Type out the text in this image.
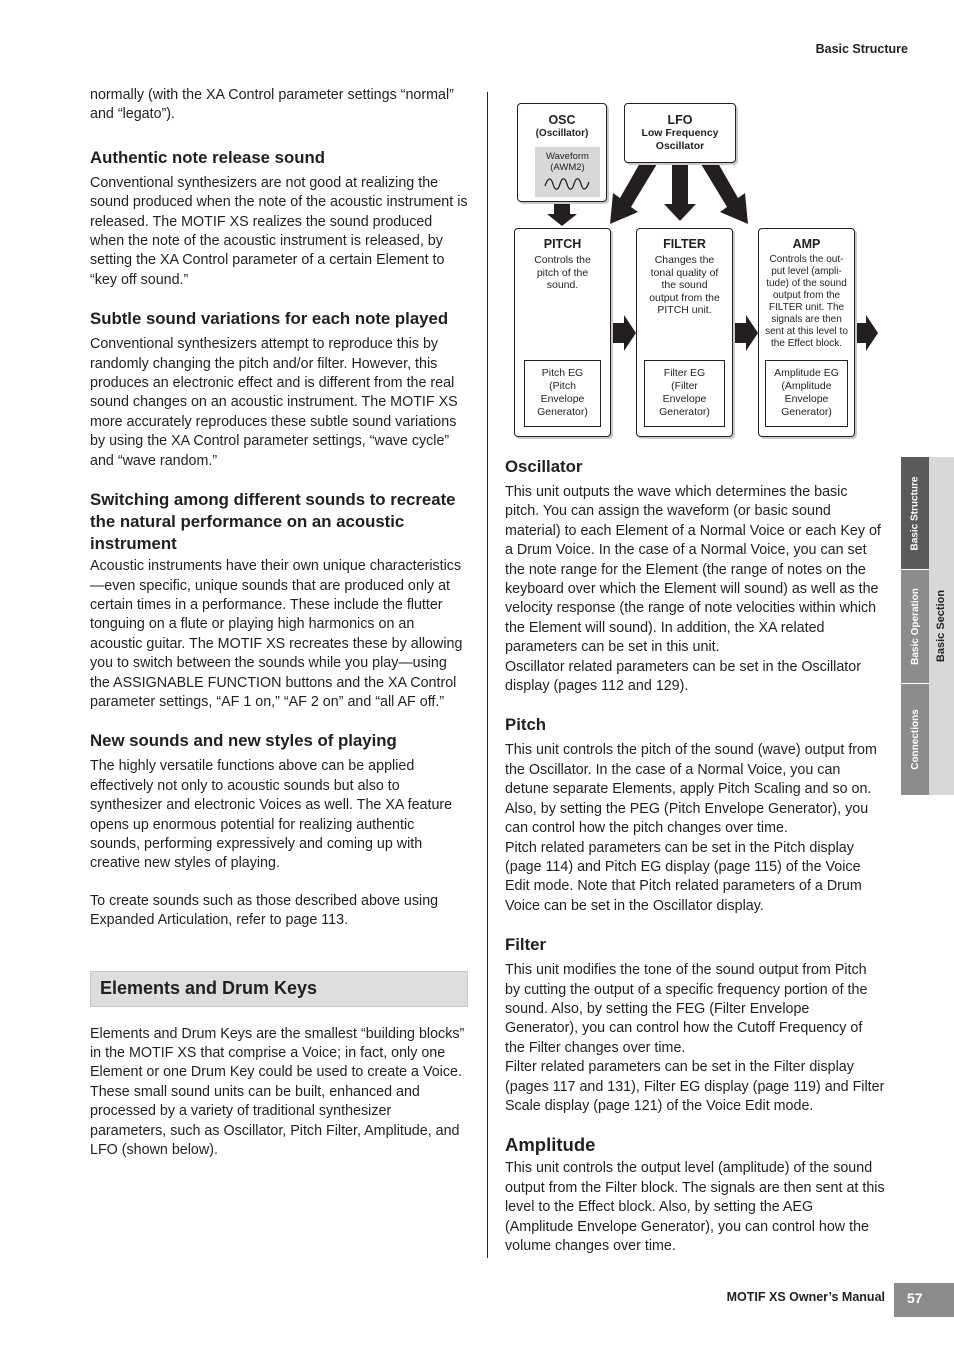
Basic Structure

normally (with the XA Control parameter settings “normal” and “legato”).

Authentic note release sound

Conventional synthesizers are not good at realizing the sound produced when the note of the acoustic instrument is released. The MOTIF XS realizes the sound produced when the note of the acoustic instrument is released, by setting the XA Control parameter of a certain Element to “key off sound.”

Subtle sound variations for each note played

Conventional synthesizers attempt to reproduce this by randomly changing the pitch and/or filter. However, this produces an electronic effect and is different from the real sound changes on an acoustic instrument. The MOTIF XS more accurately reproduces these subtle sound variations by using the XA Control parameter settings, “wave cycle” and “wave random.”

Switching among different sounds to recreate the natural performance on an acoustic instrument

Acoustic instruments have their own unique characteristics—even specific, unique sounds that are produced only at certain times in a performance. These include the flutter tonguing on a flute or playing high harmonics on an acoustic guitar. The MOTIF XS recreates these by allowing you to switch between the sounds while you play—using the ASSIGNABLE FUNCTION buttons and the XA Control parameter settings, “AF 1 on,” “AF 2 on” and “all AF off.”

New sounds and new styles of playing

The highly versatile functions above can be applied effectively not only to acoustic sounds but also to synthesizer and electronic Voices as well. The XA feature opens up enormous potential for realizing authentic sounds, performing expressively and coming up with creative new styles of playing.

To create sounds such as those described above using Expanded Articulation, refer to page 113.

Elements and Drum Keys

Elements and Drum Keys are the smallest “building blocks” in the MOTIF XS that comprise a Voice; in fact, only one Element or one Drum Key could be used to create a Voice. These small sound units can be built, enhanced and processed by a variety of traditional synthesizer parameters, such as Oscillator, Pitch Filter, Amplitude, and LFO (shown below).

OSC
(Oscillator)
Waveform
(AWM2)
LFO
Low Frequency
Oscillator
PITCH
Controls the
pitch of the
sound.
Pitch EG
(Pitch
Envelope
Generator)
FILTER
Changes the
tonal quality of
the sound
output from the
PITCH unit.
Filter EG
(Filter
Envelope
Generator)
AMP
Controls the out-
put level (ampli-
tude) of the sound
output from the
FILTER unit. The
signals are then
sent at this level to
the Effect block.
Amplitude EG
(Amplitude
Envelope
Generator)
Oscillator

This unit outputs the wave which determines the basic pitch. You can assign the waveform (or basic sound material) to each Element of a Normal Voice or each Key of a Drum Voice. In the case of a Normal Voice, you can set the note range for the Element (the range of notes on the keyboard over which the Element will sound) as well as the velocity response (the range of note velocities within which the Element will sound). In addition, the XA related parameters can be set in this unit.

Oscillator related parameters can be set in the Oscillator display (pages 112 and 129).

Pitch

This unit controls the pitch of the sound (wave) output from the Oscillator. In the case of a Normal Voice, you can detune separate Elements, apply Pitch Scaling and so on. Also, by setting the PEG (Pitch Envelope Generator), you can control how the pitch changes over time.

Pitch related parameters can be set in the Pitch display (page 114) and Pitch EG display (page 115) of the Voice Edit mode. Note that Pitch related parameters of a Drum Voice can be set in the Oscillator display.

Filter

This unit modifies the tone of the sound output from Pitch by cutting the output of a specific frequency portion of the sound. Also, by setting the FEG (Filter Envelope Generator), you can control how the Cutoff Frequency of the Filter changes over time.

Filter related parameters can be set in the Filter display (pages 117 and 131), Filter EG display (page 119) and Filter Scale display (page 121) of the Voice Edit mode.

Amplitude

This unit controls the output level (amplitude) of the sound output from the Filter block. The signals are then sent at this level to the Effect block. Also, by setting the AEG (Amplitude Envelope Generator), you can control how the volume changes over time.

Basic Structure
Basic Operation
Connections
Basic Section
MOTIF XS Owner’s Manual	57
